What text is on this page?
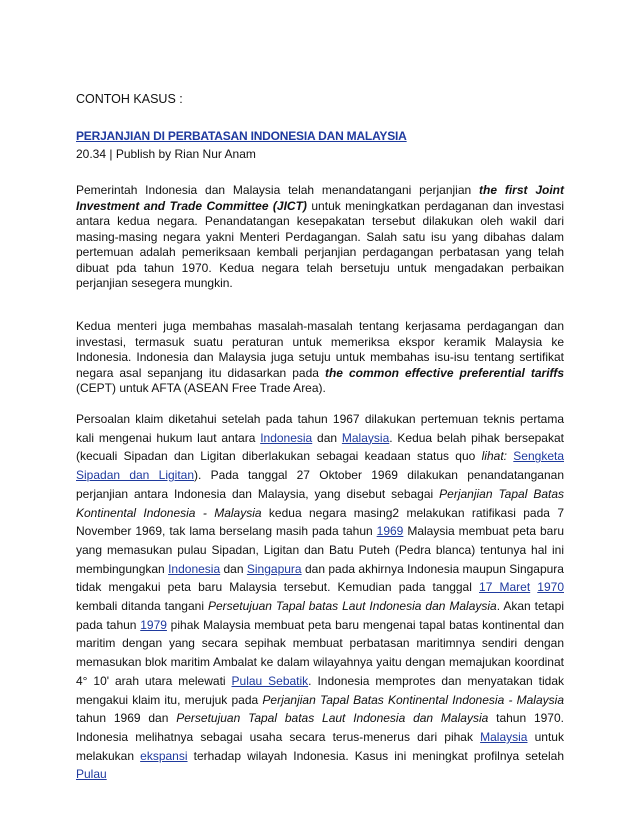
CONTOH KASUS :

PERJANJIAN DI PERBATASAN INDONESIA DAN MALAYSIA

20.34 | Publish by Rian Nur Anam

Pemerintah Indonesia dan Malaysia telah menandatangani perjanjian the first Joint Investment and Trade Committee (JICT) untuk meningkatkan perdaganan dan investasi antara kedua negara. Penandatangan kesepakatan tersebut dilakukan oleh wakil dari masing-masing negara yakni Menteri Perdagangan. Salah satu isu yang dibahas dalam pertemuan adalah pemeriksaan kembali perjanjian perdagangan perbatasan yang telah dibuat pda tahun 1970. Kedua negara telah bersetuju untuk mengadakan perbaikan perjanjian sesegera mungkin.

Kedua menteri juga membahas masalah-masalah tentang kerjasama perdagangan dan investasi, termasuk suatu peraturan untuk memeriksa ekspor keramik Malaysia ke Indonesia. Indonesia dan Malaysia juga setuju untuk membahas isu-isu tentang sertifikat negara asal sepanjang itu didasarkan pada the common effective preferential tariffs (CEPT) untuk AFTA (ASEAN Free Trade Area).

Persoalan klaim diketahui setelah pada tahun 1967 dilakukan pertemuan teknis pertama kali mengenai hukum laut antara Indonesia dan Malaysia. Kedua belah pihak bersepakat (kecuali Sipadan dan Ligitan diberlakukan sebagai keadaan status quo lihat: Sengketa Sipadan dan Ligitan). Pada tanggal 27 Oktober 1969 dilakukan penandatanganan perjanjian antara Indonesia dan Malaysia, yang disebut sebagai Perjanjian Tapal Batas Kontinental Indonesia - Malaysia kedua negara masing2 melakukan ratifikasi pada 7 November 1969, tak lama berselang masih pada tahun 1969 Malaysia membuat peta baru yang memasukan pulau Sipadan, Ligitan dan Batu Puteh (Pedra blanca) tentunya hal ini membingungkan Indonesia dan Singapura dan pada akhirnya Indonesia maupun Singapura tidak mengakui peta baru Malaysia tersebut. Kemudian pada tanggal 17 Maret 1970 kembali ditanda tangani Persetujuan Tapal batas Laut Indonesia dan Malaysia. Akan tetapi pada tahun 1979 pihak Malaysia membuat peta baru mengenai tapal batas kontinental dan maritim dengan yang secara sepihak membuat perbatasan maritimnya sendiri dengan memasukan blok maritim Ambalat ke dalam wilayahnya yaitu dengan memajukan koordinat 4° 10' arah utara melewati Pulau Sebatik. Indonesia memprotes dan menyatakan tidak mengakui klaim itu, merujuk pada Perjanjian Tapal Batas Kontinental Indonesia - Malaysia tahun 1969 dan Persetujuan Tapal batas Laut Indonesia dan Malaysia tahun 1970. Indonesia melihatnya sebagai usaha secara terus-menerus dari pihak Malaysia untuk melakukan ekspansi terhadap wilayah Indonesia. Kasus ini meningkat profilnya setelah Pulau
